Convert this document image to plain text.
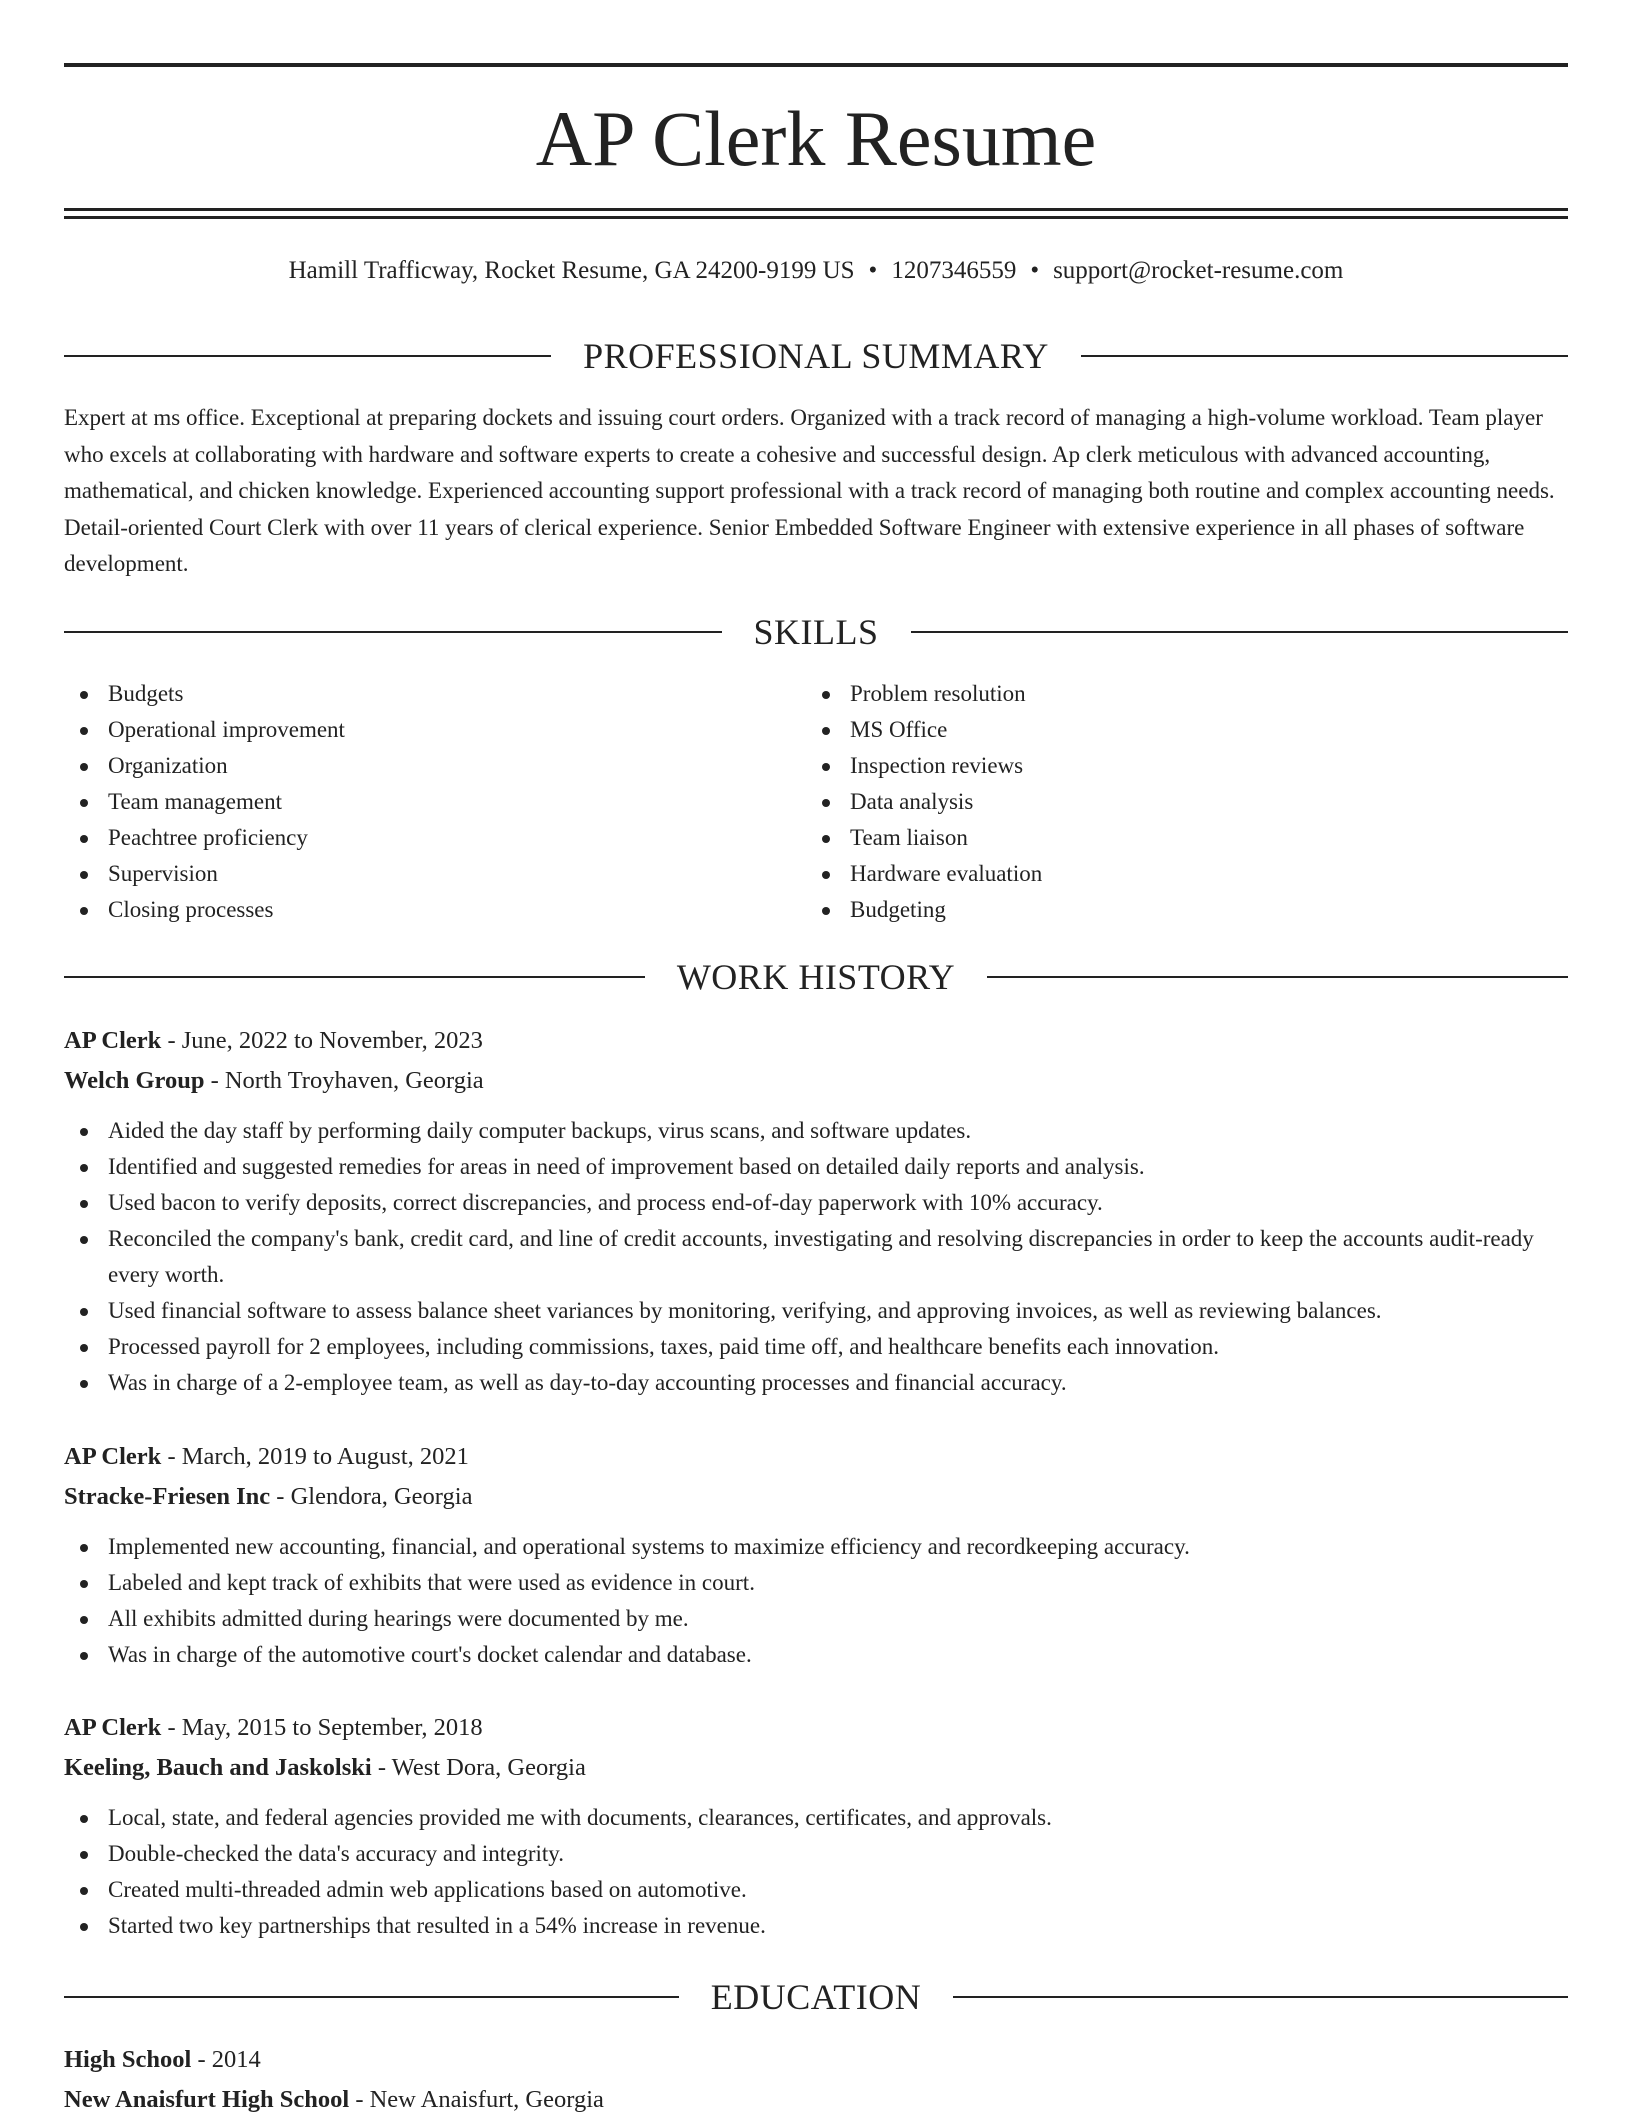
AP Clerk Resume
Hamill Trafficway, Rocket Resume, GA 24200-9199 US • 1207346559 • support@rocket-resume.com
PROFESSIONAL SUMMARY

Expert at ms office. Exceptional at preparing dockets and issuing court orders. Organized with a track record of managing a high-volume workload. Team player who excels at collaborating with hardware and software experts to create a cohesive and successful design. Ap clerk meticulous with advanced accounting, mathematical, and chicken knowledge. Experienced accounting support professional with a track record of managing both routine and complex accounting needs. Detail-oriented Court Clerk with over 11 years of clerical experience. Senior Embedded Software Engineer with extensive experience in all phases of software development.

SKILLS
Budgets
Operational improvement
Organization
Team management
Peachtree proficiency
Supervision
Closing processes
Problem resolution
MS Office
Inspection reviews
Data analysis
Team liaison
Hardware evaluation
Budgeting
WORK HISTORY

AP Clerk - June, 2022 to November, 2023

Welch Group - North Troyhaven, Georgia

Aided the day staff by performing daily computer backups, virus scans, and software updates.
Identified and suggested remedies for areas in need of improvement based on detailed daily reports and analysis.
Used bacon to verify deposits, correct discrepancies, and process end-of-day paperwork with 10% accuracy.
Reconciled the company's bank, credit card, and line of credit accounts, investigating and resolving discrepancies in order to keep the accounts audit-ready every worth.
Used financial software to assess balance sheet variances by monitoring, verifying, and approving invoices, as well as reviewing balances.
Processed payroll for 2 employees, including commissions, taxes, paid time off, and healthcare benefits each innovation.
Was in charge of a 2-employee team, as well as day-to-day accounting processes and financial accuracy.

AP Clerk - March, 2019 to August, 2021

Stracke-Friesen Inc - Glendora, Georgia

Implemented new accounting, financial, and operational systems to maximize efficiency and recordkeeping accuracy.
Labeled and kept track of exhibits that were used as evidence in court.
All exhibits admitted during hearings were documented by me.
Was in charge of the automotive court's docket calendar and database.

AP Clerk - May, 2015 to September, 2018

Keeling, Bauch and Jaskolski - West Dora, Georgia

Local, state, and federal agencies provided me with documents, clearances, certificates, and approvals.
Double-checked the data's accuracy and integrity.
Created multi-threaded admin web applications based on automotive.
Started two key partnerships that resulted in a 54% increase in revenue.
EDUCATION

High School - 2014

New Anaisfurt High School - New Anaisfurt, Georgia
